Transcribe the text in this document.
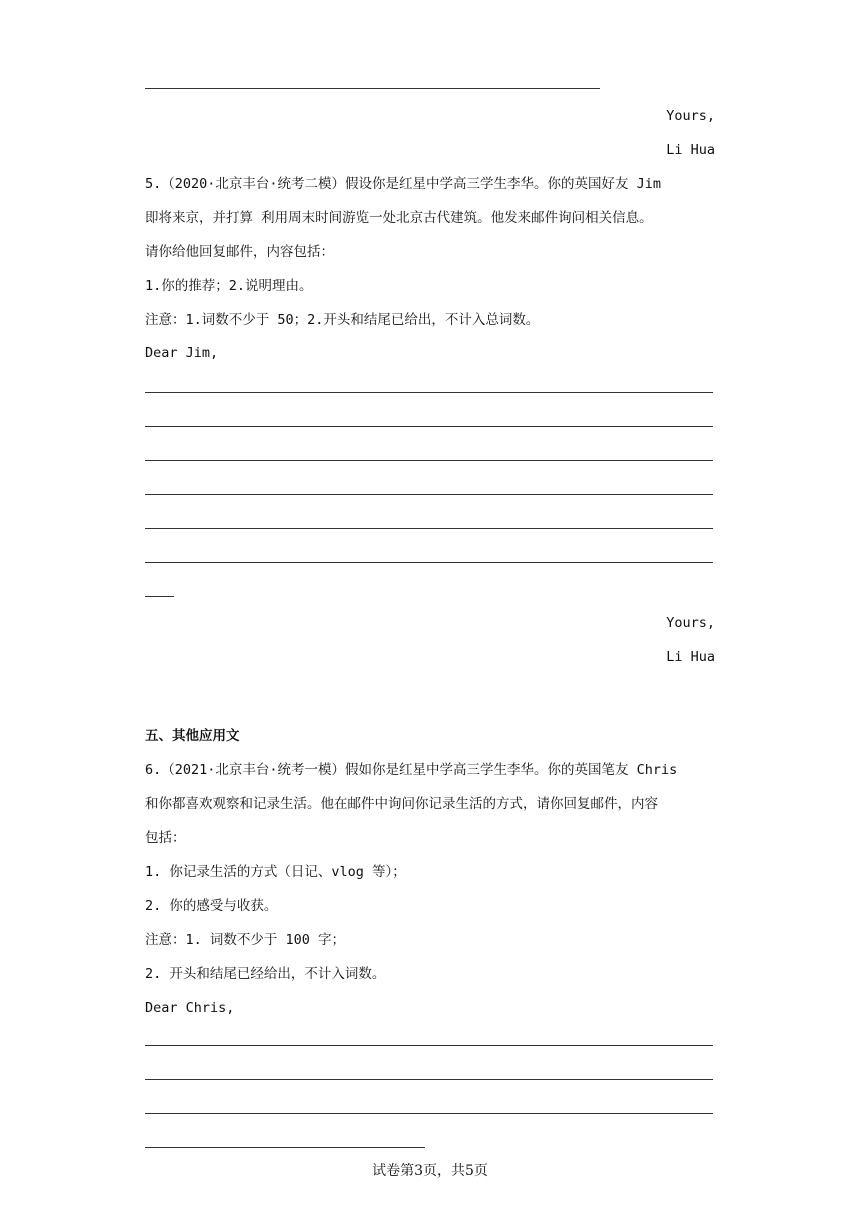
Yours,
Li Hua
5.（2020·北京丰台·统考二模）假设你是红星中学高三学生李华。你的英国好友 Jim
即将来京，并打算 利用周末时间游览一处北京古代建筑。他发来邮件询问相关信息。
请你给他回复邮件，内容包括：
1.你的推荐；2.说明理由。
注意：1.词数不少于 50；2.开头和结尾已给出，不计入总词数。
Dear Jim,
Yours,
Li Hua
五、其他应用文
6.（2021·北京丰台·统考一模）假如你是红星中学高三学生李华。你的英国笔友 Chris
和你都喜欢观察和记录生活。他在邮件中询问你记录生活的方式，请你回复邮件，内容
包括：
1. 你记录生活的方式（日记、vlog 等）；
2. 你的感受与收获。
注意：1. 词数不少于 100 字；
2. 开头和结尾已经给出，不计入词数。
Dear Chris,
试卷第3页，共5页
